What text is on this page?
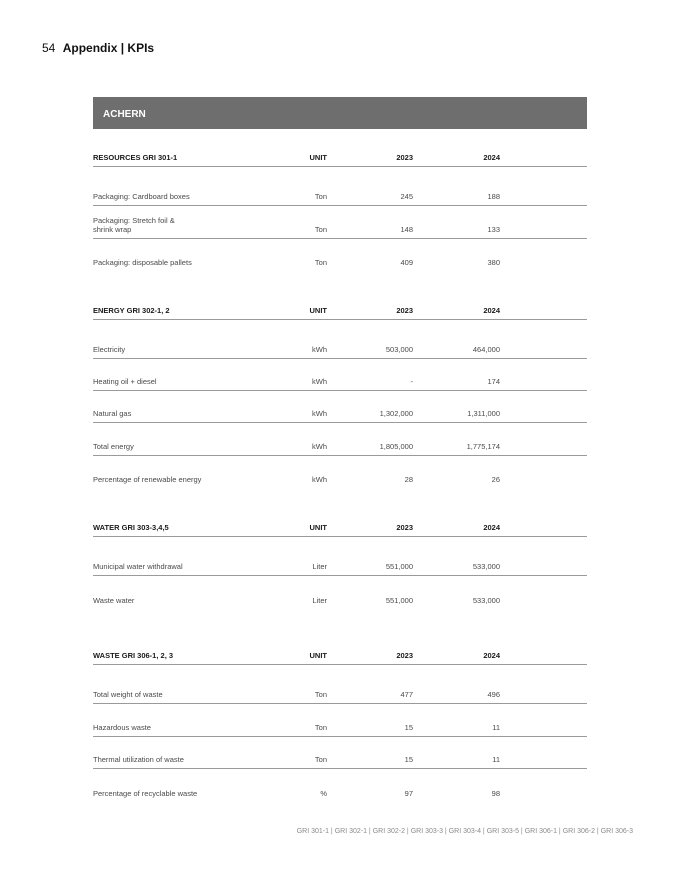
54 Appendix | KPIs
ACHERN
RESOURCES GRI 301-1	UNIT	2023	2024
Packaging: Cardboard boxes	Ton	245	188
Packaging: Stretch foil & shrink wrap	Ton	148	133
Packaging: disposable pallets	Ton	409	380
ENERGY GRI 302-1, 2	UNIT	2023	2024
Electricity	kWh	503,000	464,000
Heating oil + diesel	kWh	-	174
Natural gas	kWh	1,302,000	1,311,000
Total energy	kWh	1,805,000	1,775,174
Percentage of renewable energy	kWh	28	26
WATER GRI 303-3,4,5	UNIT	2023	2024
Municipal water withdrawal	Liter	551,000	533,000
Waste water	Liter	551,000	533,000
WASTE GRI 306-1, 2, 3	UNIT	2023	2024
Total weight of waste	Ton	477	496
Hazardous waste	Ton	15	11
Thermal utilization of waste	Ton	15	11
Percentage of recyclable waste	%	97	98
GRI 301-1 | GRI 302-1 | GRI 302-2 | GRI 303-3 | GRI 303-4 | GRI 303-5 | GRI 306-1 | GRI 306-2 | GRI 306-3
